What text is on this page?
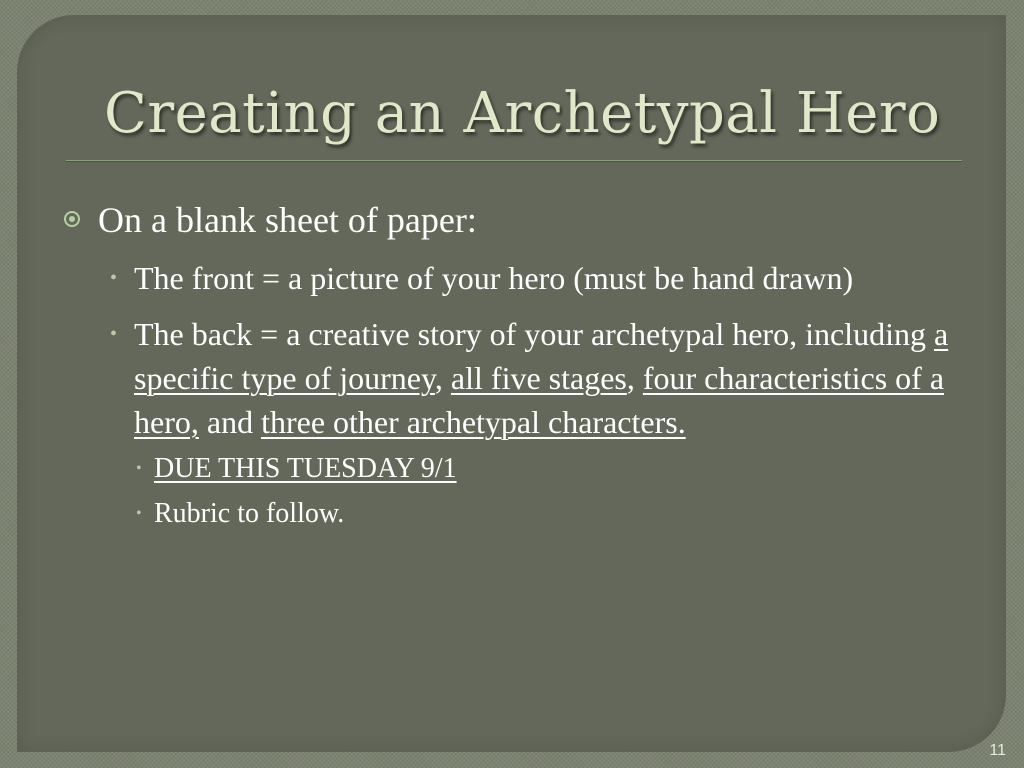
Creating an Archetypal Hero
On a blank sheet of paper:
• The front = a picture of your hero (must be hand drawn)
• The back = a creative story of your archetypal hero, including a specific type of journey, all five stages, four characteristics of a hero, and three other archetypal characters.
• DUE THIS TUESDAY 9/1
• Rubric to follow.
11
